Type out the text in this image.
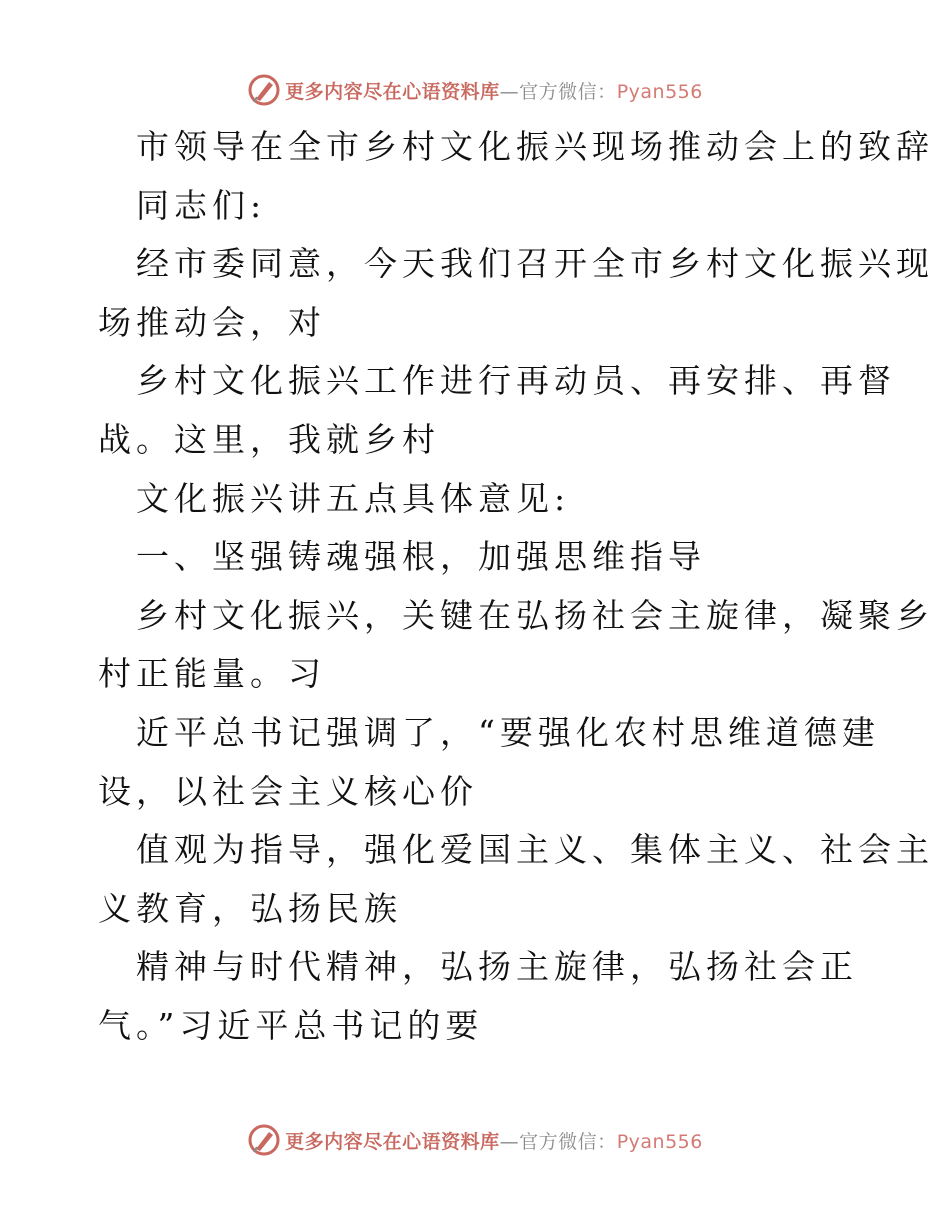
更多内容尽在心语资料库—官方微信：Pyan556
市领导在全市乡村文化振兴现场推动会上的致辞
同志们:
经市委同意，今天我们召开全市乡村文化振兴现
场推动会，对
乡村文化振兴工作进行再动员、再安排、再督
战。这里，我就乡村
文化振兴讲五点具体意见:
一、坚强铸魂强根，加强思维指导
乡村文化振兴，关键在弘扬社会主旋律，凝聚乡
村正能量。习
近平总书记强调了，“要强化农村思维道德建
设，以社会主义核心价
值观为指导，强化爱国主义、集体主义、社会主
义教育，弘扬民族
精神与时代精神，弘扬主旋律，弘扬社会正
气。”习近平总书记的要
更多内容尽在心语资料库—官方微信：Pyan556
